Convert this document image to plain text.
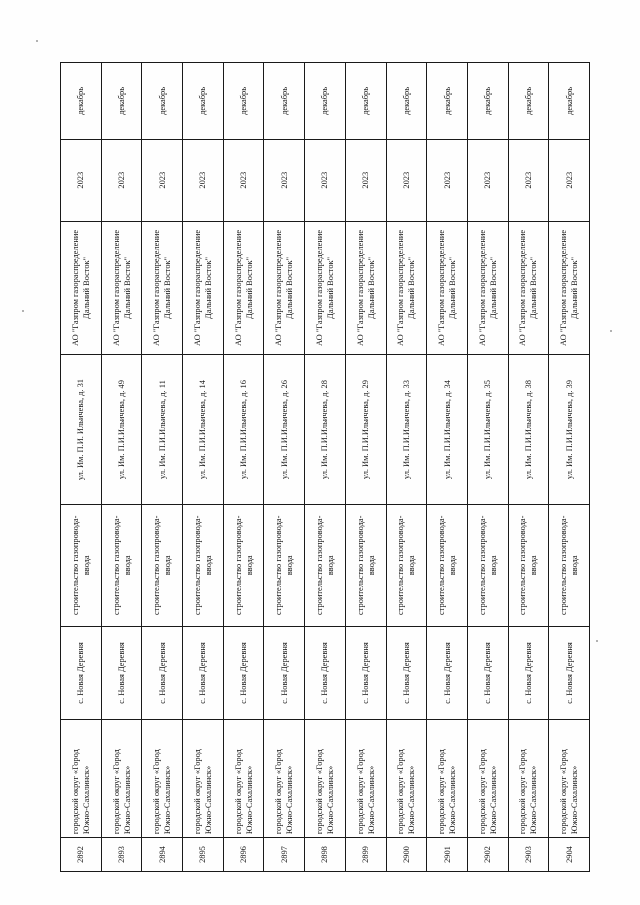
2892
городской округ «Город Южно-Сахалинск»
с. Новая Деревня
строительство газопровода-ввода
ул. Им. П.И. Ильичева, д. 31
АО "Газпром газораспределение Дальний Восток"
2023
декабрь
2893
городской округ «Город Южно-Сахалинск»
с. Новая Деревня
строительство газопровода-ввода
ул. Им. П.И.Ильичева, д. 49
АО "Газпром газораспределение Дальний Восток"
2023
декабрь
2894
городской округ «Город Южно-Сахалинск»
с. Новая Деревня
строительство газопровода-ввода
ул. Им. П.И.Ильичева, д. 11
АО "Газпром газораспределение Дальний Восток"
2023
декабрь
2895
городской округ «Город Южно-Сахалинск»
с. Новая Деревня
строительство газопровода-ввода
ул. Им. П.И.Ильичева, д. 14
АО "Газпром газораспределение Дальний Восток"
2023
декабрь
2896
городской округ «Город Южно-Сахалинск»
с. Новая Деревня
строительство газопровода-ввода
ул. Им. П.И.Ильичева, д. 16
АО "Газпром газораспределение Дальний Восток"
2023
декабрь
2897
городской округ «Город Южно-Сахалинск»
с. Новая Деревня
строительство газопровода-ввода
ул. Им. П.И.Ильичева, д. 26
АО "Газпром газораспределение Дальний Восток"
2023
декабрь
2898
городской округ «Город Южно-Сахалинск»
с. Новая Деревня
строительство газопровода-ввода
ул. Им. П.И.Ильичева, д. 28
АО "Газпром газораспределение Дальний Восток"
2023
декабрь
2899
городской округ «Город Южно-Сахалинск»
с. Новая Деревня
строительство газопровода-ввода
ул. Им. П.И.Ильичева, д. 29
АО "Газпром газораспределение Дальний Восток"
2023
декабрь
2900
городской округ «Город Южно-Сахалинск»
с. Новая Деревня
строительство газопровода-ввода
ул. Им. П.И.Ильичева, д. 33
АО "Газпром газораспределение Дальний Восток"
2023
декабрь
2901
городской округ «Город Южно-Сахалинск»
с. Новая Деревня
строительство газопровода-ввода
ул. Им. П.И.Ильичева, д. 34
АО "Газпром газораспределение Дальний Восток"
2023
декабрь
2902
городской округ «Город Южно-Сахалинск»
с. Новая Деревня
строительство газопровода-ввода
ул. Им. П.И.Ильичева, д. 35
АО "Газпром газораспределение Дальний Восток"
2023
декабрь
2903
городской округ «Город Южно-Сахалинск»
с. Новая Деревня
строительство газопровода-ввода
ул. Им. П.И.Ильичева, д. 38
АО "Газпром газораспределение Дальний Восток"
2023
декабрь
2904
городской округ «Город Южно-Сахалинск»
с. Новая Деревня
строительство газопровода-ввода
ул. Им. П.И.Ильичева, д. 39
АО "Газпром газораспределение Дальний Восток"
2023
декабрь
